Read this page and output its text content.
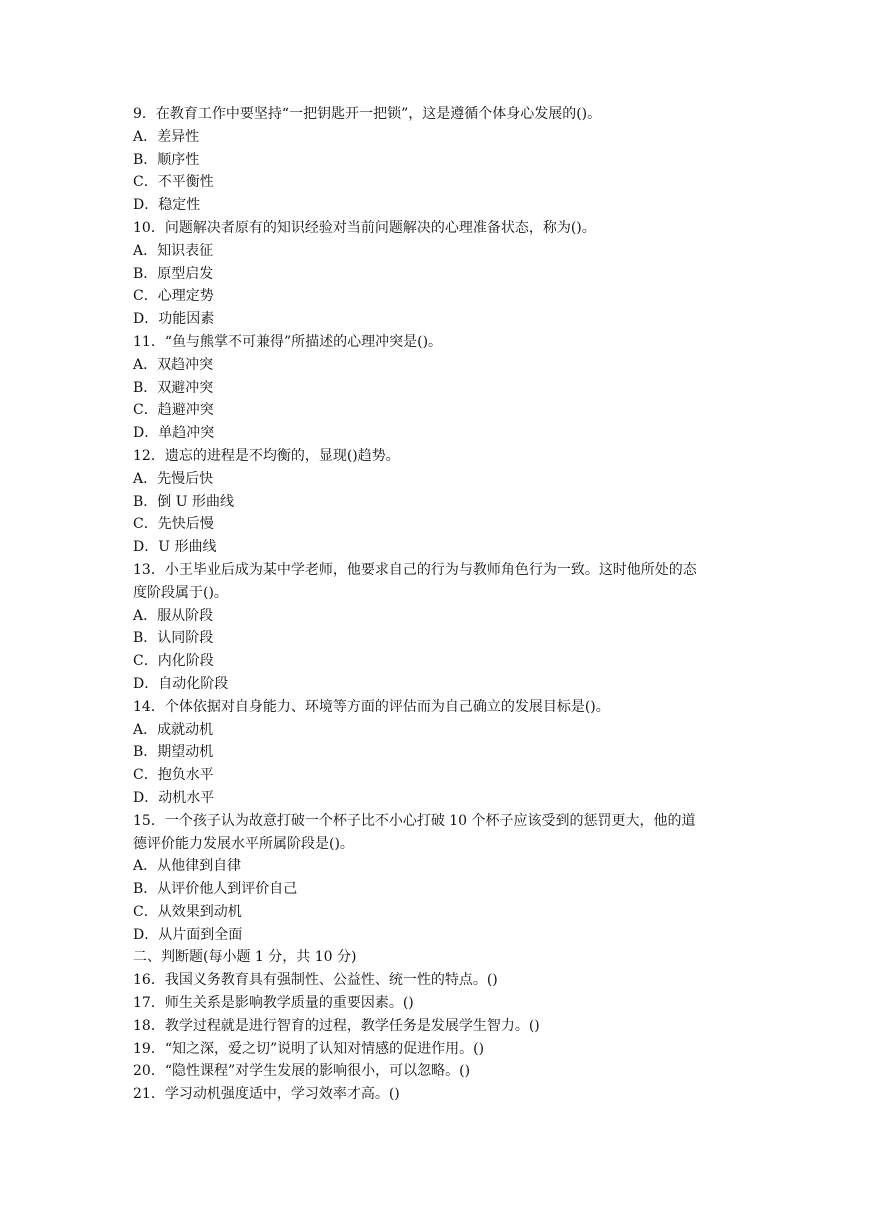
9．在教育工作中要坚持“一把钥匙开一把锁”，这是遵循个体身心发展的()。
A．差异性
B．顺序性
C．不平衡性
D．稳定性
10．问题解决者原有的知识经验对当前问题解决的心理准备状态，称为()。
A．知识表征
B．原型启发
C．心理定势
D．功能因素
11．“鱼与熊掌不可兼得”所描述的心理冲突是()。
A．双趋冲突
B．双避冲突
C．趋避冲突
D．单趋冲突
12．遗忘的进程是不均衡的，显现()趋势。
A．先慢后快
B．倒 U 形曲线
C．先快后慢
D．U 形曲线
13．小王毕业后成为某中学老师，他要求自己的行为与教师角色行为一致。这时他所处的态
度阶段属于()。
A．服从阶段
B．认同阶段
C．内化阶段
D．自动化阶段
14．个体依据对自身能力、环境等方面的评估而为自己确立的发展目标是()。
A．成就动机
B．期望动机
C．抱负水平
D．动机水平
15．一个孩子认为故意打破一个杯子比不小心打破 10 个杯子应该受到的惩罚更大，他的道
德评价能力发展水平所属阶段是()。
A．从他律到自律
B．从评价他人到评价自己
C．从效果到动机
D．从片面到全面
二、判断题(每小题 1 分，共 10 分)
16．我国义务教育具有强制性、公益性、统一性的特点。()
17．师生关系是影响教学质量的重要因素。()
18．教学过程就是进行智育的过程，教学任务是发展学生智力。()
19．“知之深，爱之切”说明了认知对情感的促进作用。()
20．“隐性课程”对学生发展的影响很小，可以忽略。()
21．学习动机强度适中，学习效率才高。()
